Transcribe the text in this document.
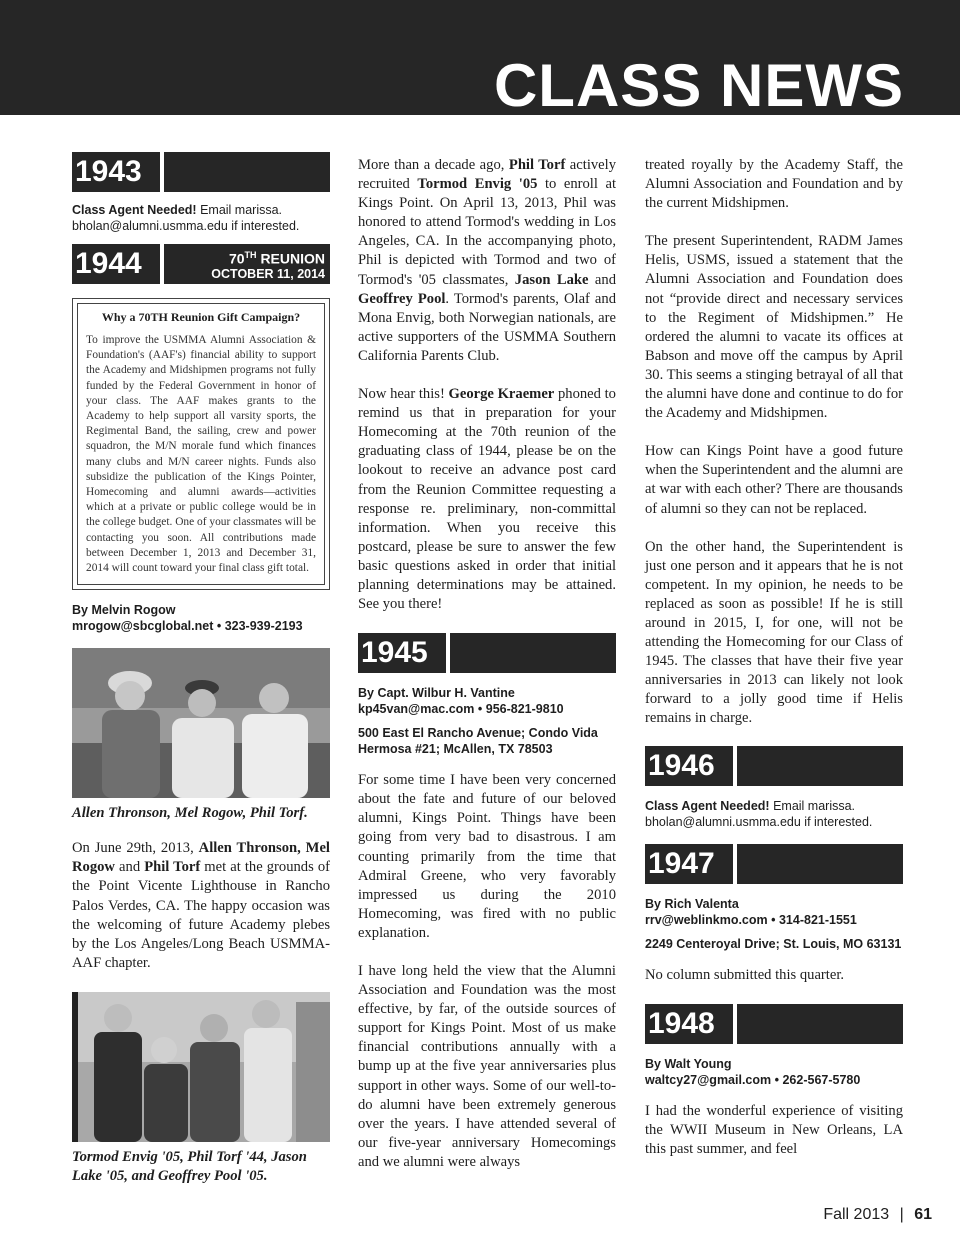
CLASS NEWS
1943
Class Agent Needed! Email marissa. bholan@alumni.usmma.edu if interested.
1944	70TH REUNION
OCTOBER 11, 2014
Why a 70TH Reunion Gift Campaign?
To improve the USMMA Alumni Association & Foundation's (AAF's) financial ability to support the Academy and Midshipmen programs not fully funded by the Federal Government in honor of your class. The AAF makes grants to the Academy to help support all varsity sports, the Regimental Band, the sailing, crew and power squadron, the M/N morale fund which finances many clubs and M/N career nights. Funds also subsidize the publication of the Kings Pointer, Homecoming and alumni awards—activities which at a private or public college would be in the college budget. One of your classmates will be contacting you soon. All contributions made between December 1, 2013 and December 31, 2014 will count toward your final class gift total.
By Melvin Rogow
mrogow@sbcglobal.net • 323-939-2193
Allen Thronson, Mel Rogow, Phil Torf.

On June 29th, 2013, Allen Thronson, Mel Rogow and Phil Torf met at the grounds of the Point Vicente Lighthouse in Rancho Palos Verdes, CA. The happy occasion was the welcoming of future Academy plebes by the Los Angeles/Long Beach USMMA-AAF chapter.

Tormod Envig '05, Phil Torf '44, Jason Lake '05, and Geoffrey Pool '05.

More than a decade ago, Phil Torf actively recruited Tormod Envig '05 to enroll at Kings Point. On April 13, 2013, Phil was honored to attend Tormod's wedding in Los Angeles, CA. In the accompanying photo, Phil is depicted with Tormod and two of Tormod's '05 classmates, Jason Lake and Geoffrey Pool. Tormod's parents, Olaf and Mona Envig, both Norwegian nationals, are active supporters of the USMMA Southern California Parents Club.

Now hear this! George Kraemer phoned to remind us that in preparation for your Homecoming at the 70th reunion of the graduating class of 1944, please be on the lookout to receive an advance post card from the Reunion Committee requesting a response re. preliminary, non-committal information. When you receive this postcard, please be sure to answer the few basic questions asked in order that initial planning determinations may be attained. See you there!

1945
By Capt. Wilbur H. Vantine
kp45van@mac.com • 956-821-9810
500 East El Rancho Avenue; Condo Vida Hermosa #21; McAllen, TX 78503

For some time I have been very concerned about the fate and future of our beloved alumni, Kings Point. Things have been going from very bad to disastrous. I am counting primarily from the time that Admiral Greene, who very favorably impressed us during the 2010 Homecoming, was fired with no public explanation.

I have long held the view that the Alumni Association and Foundation was the most effective, by far, of the outside sources of support for Kings Point. Most of us make financial contributions annually with a bump up at the five year anniversaries plus support in other ways. Some of our well-to-do alumni have been extremely generous over the years. I have attended several of our five-year anniversary Homecomings and we alumni were always

treated royally by the Academy Staff, the Alumni Association and Foundation and by the current Midshipmen.

The present Superintendent, RADM James Helis, USMS, issued a statement that the Alumni Association and Foundation does not “provide direct and necessary services to the Regiment of Midshipmen.” He ordered the alumni to vacate its offices at Babson and move off the campus by April 30. This seems a stinging betrayal of all that the alumni have done and continue to do for the Academy and Midshipmen.

How can Kings Point have a good future when the Superintendent and the alumni are at war with each other? There are thousands of alumni so they can not be replaced.

On the other hand, the Superintendent is just one person and it appears that he is not competent. In my opinion, he needs to be replaced as soon as possible! If he is still around in 2015, I, for one, will not be attending the Homecoming for our Class of 1945. The classes that have their five year anniversaries in 2013 can likely not look forward to a jolly good time if Helis remains in charge.

1946
Class Agent Needed! Email marissa. bholan@alumni.usmma.edu if interested.
1947
By Rich Valenta
rrv@weblinkmo.com • 314-821-1551
2249 Centeroyal Drive; St. Louis, MO 63131

No column submitted this quarter.

1948
By Walt Young
waltcy27@gmail.com • 262-567-5780

I had the wonderful experience of visiting the WWII Museum in New Orleans, LA this past summer, and feel

Fall 2013 | 61
